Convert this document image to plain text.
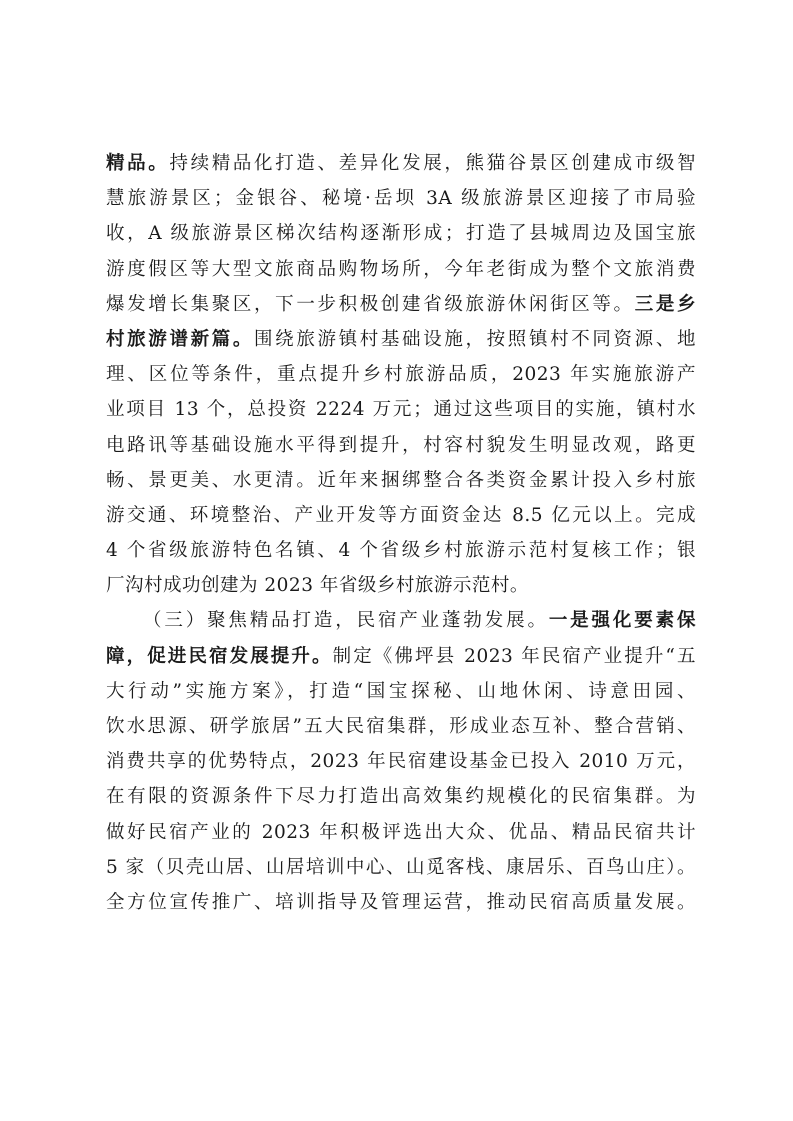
精品。持续精品化打造、差异化发展，熊猫谷景区创建成市级智
慧旅游景区；金银谷、秘境·岳坝 3A 级旅游景区迎接了市局验
收，A 级旅游景区梯次结构逐渐形成；打造了县城周边及国宝旅
游度假区等大型文旅商品购物场所，今年老街成为整个文旅消费
爆发增长集聚区，下一步积极创建省级旅游休闲街区等。三是乡
村旅游谱新篇。围绕旅游镇村基础设施，按照镇村不同资源、地
理、区位等条件，重点提升乡村旅游品质，2023 年实施旅游产
业项目 13 个，总投资 2224 万元；通过这些项目的实施，镇村水
电路讯等基础设施水平得到提升，村容村貌发生明显改观，路更
畅、景更美、水更清。近年来捆绑整合各类资金累计投入乡村旅
游交通、环境整治、产业开发等方面资金达 8.5 亿元以上。完成
4 个省级旅游特色名镇、4 个省级乡村旅游示范村复核工作；银
厂沟村成功创建为 2023 年省级乡村旅游示范村。
（三）聚焦精品打造，民宿产业蓬勃发展。一是强化要素保
障，促进民宿发展提升。制定《佛坪县 2023 年民宿产业提升“五
大行动”实施方案》，打造“国宝探秘、山地休闲、诗意田园、
饮水思源、研学旅居”五大民宿集群，形成业态互补、整合营销、
消费共享的优势特点，2023 年民宿建设基金已投入 2010 万元，
在有限的资源条件下尽力打造出高效集约规模化的民宿集群。为
做好民宿产业的 2023 年积极评选出大众、优品、精品民宿共计
5 家（贝壳山居、山居培训中心、山觅客栈、康居乐、百鸟山庄）。
全方位宣传推广、培训指导及管理运营，推动民宿高质量发展。
